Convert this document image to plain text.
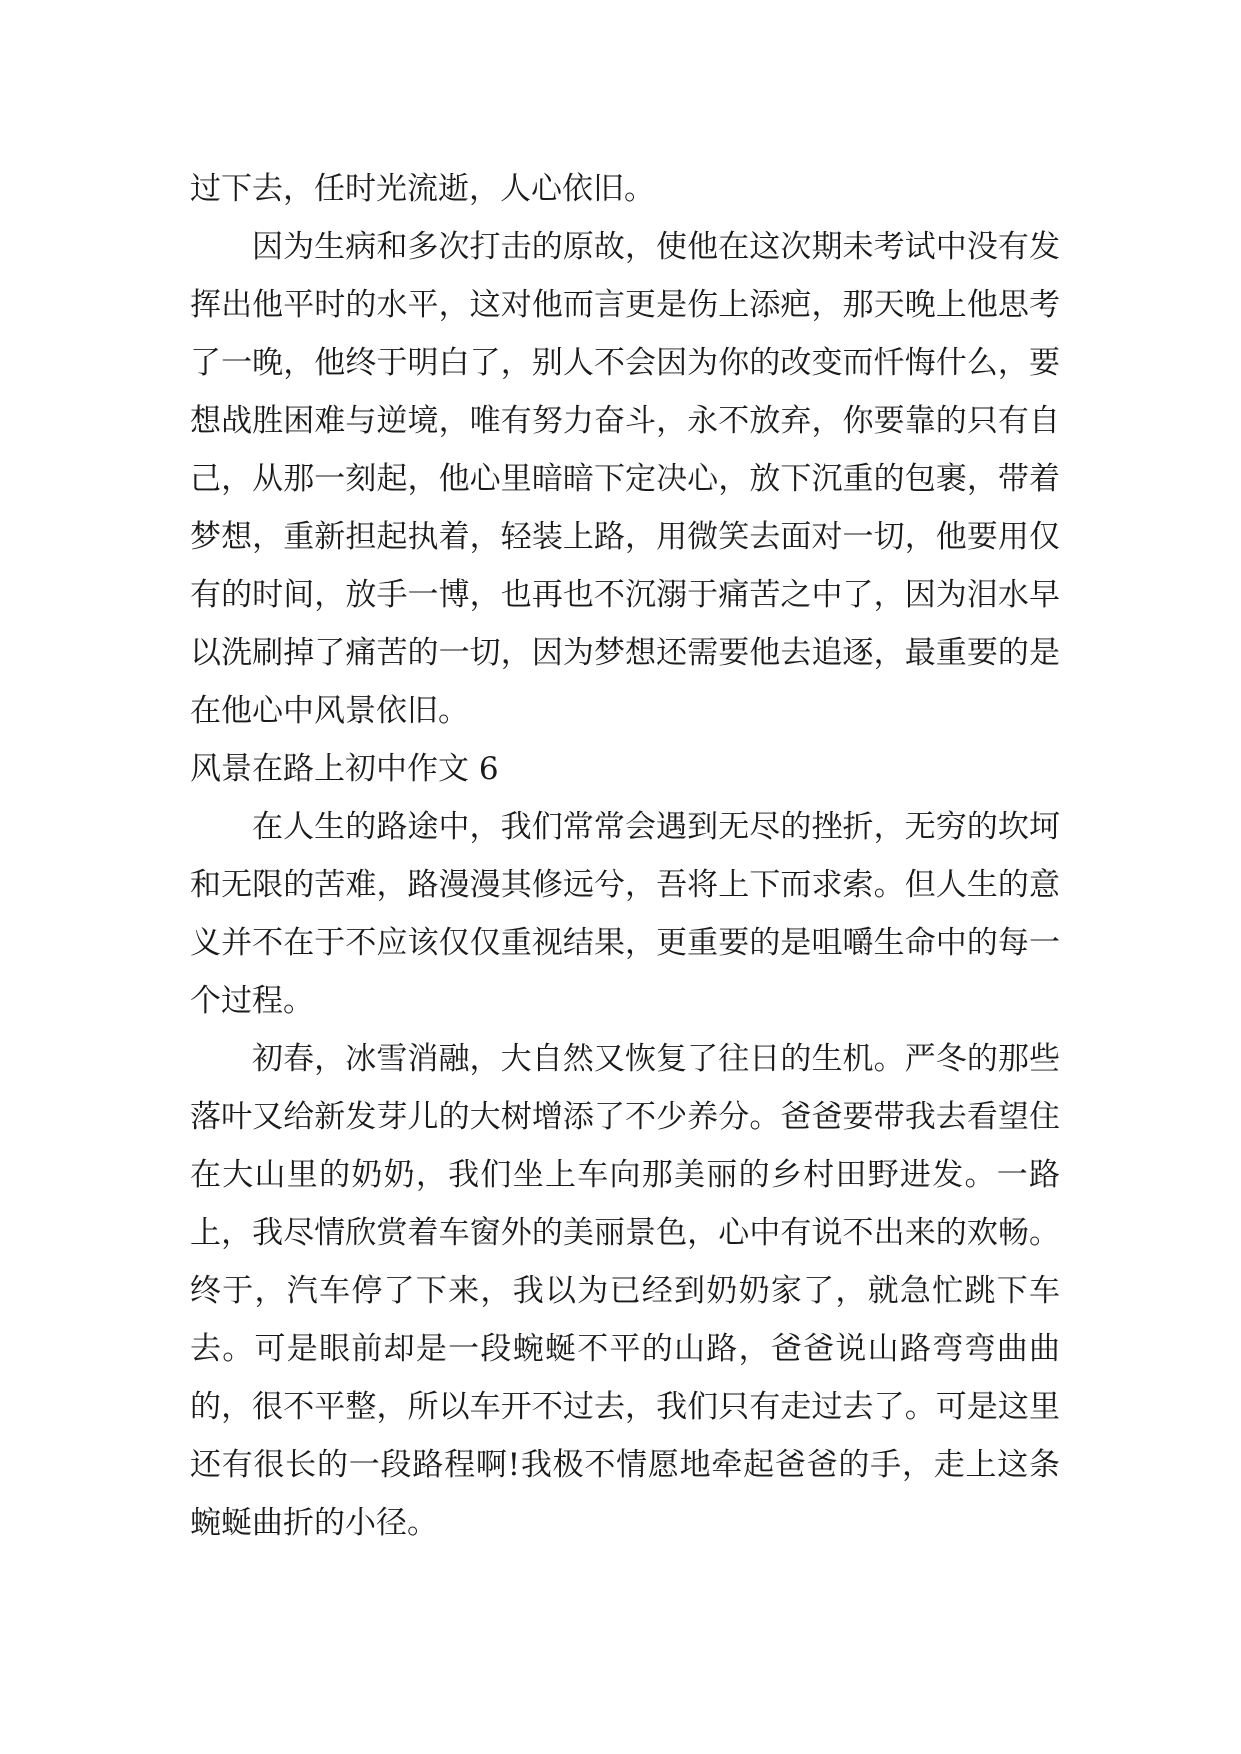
过下去，任时光流逝，人心依旧。

因为生病和多次打击的原故，使他在这次期未考试中没有发挥出他平时的水平，这对他而言更是伤上添疤，那天晚上他思考了一晚，他终于明白了，别人不会因为你的改变而忏悔什么，要想战胜困难与逆境，唯有努力奋斗，永不放弃，你要靠的只有自己，从那一刻起，他心里暗暗下定决心，放下沉重的包裹，带着梦想，重新担起执着，轻装上路，用微笑去面对一切，他要用仅有的时间，放手一博，也再也不沉溺于痛苦之中了，因为泪水早以洗刷掉了痛苦的一切，因为梦想还需要他去追逐，最重要的是在他心中风景依旧。

风景在路上初中作文 6

在人生的路途中，我们常常会遇到无尽的挫折，无穷的坎坷和无限的苦难，路漫漫其修远兮，吾将上下而求索。但人生的意义并不在于不应该仅仅重视结果，更重要的是咀嚼生命中的每一个过程。

初春，冰雪消融，大自然又恢复了往日的生机。严冬的那些落叶又给新发芽儿的大树增添了不少养分。爸爸要带我去看望住在大山里的奶奶，我们坐上车向那美丽的乡村田野进发。一路上，我尽情欣赏着车窗外的美丽景色，心中有说不出来的欢畅。终于，汽车停了下来，我以为已经到奶奶家了，就急忙跳下车去。可是眼前却是一段蜿蜒不平的山路，爸爸说山路弯弯曲曲的，很不平整，所以车开不过去，我们只有走过去了。可是这里还有很长的一段路程啊!我极不情愿地牵起爸爸的手，走上这条蜿蜒曲折的小径。
